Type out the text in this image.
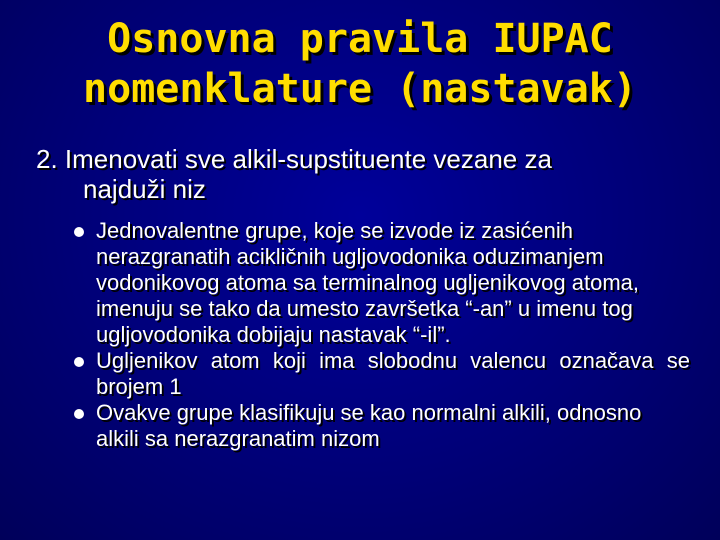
Osnovna pravila IUPAC
nomenklature (nastavak)
2. Imenovati sve alkil-supstituente vezane za
najduži niz
Jednovalentne grupe, koje se izvode iz zasićenih nerazgranatih acikličnih ugljovodonika oduzimanjem vodonikovog atoma sa terminalnog ugljenikovog atoma, imenuju se tako da umesto završetka “-an” u imenu tog ugljovodonika dobijaju nastavak “-il”.
Ugljenikov atom koji ima slobodnu valencu označava se brojem 1
Ovakve grupe klasifikuju se kao normalni alkili, odnosno alkili sa nerazgranatim nizom
